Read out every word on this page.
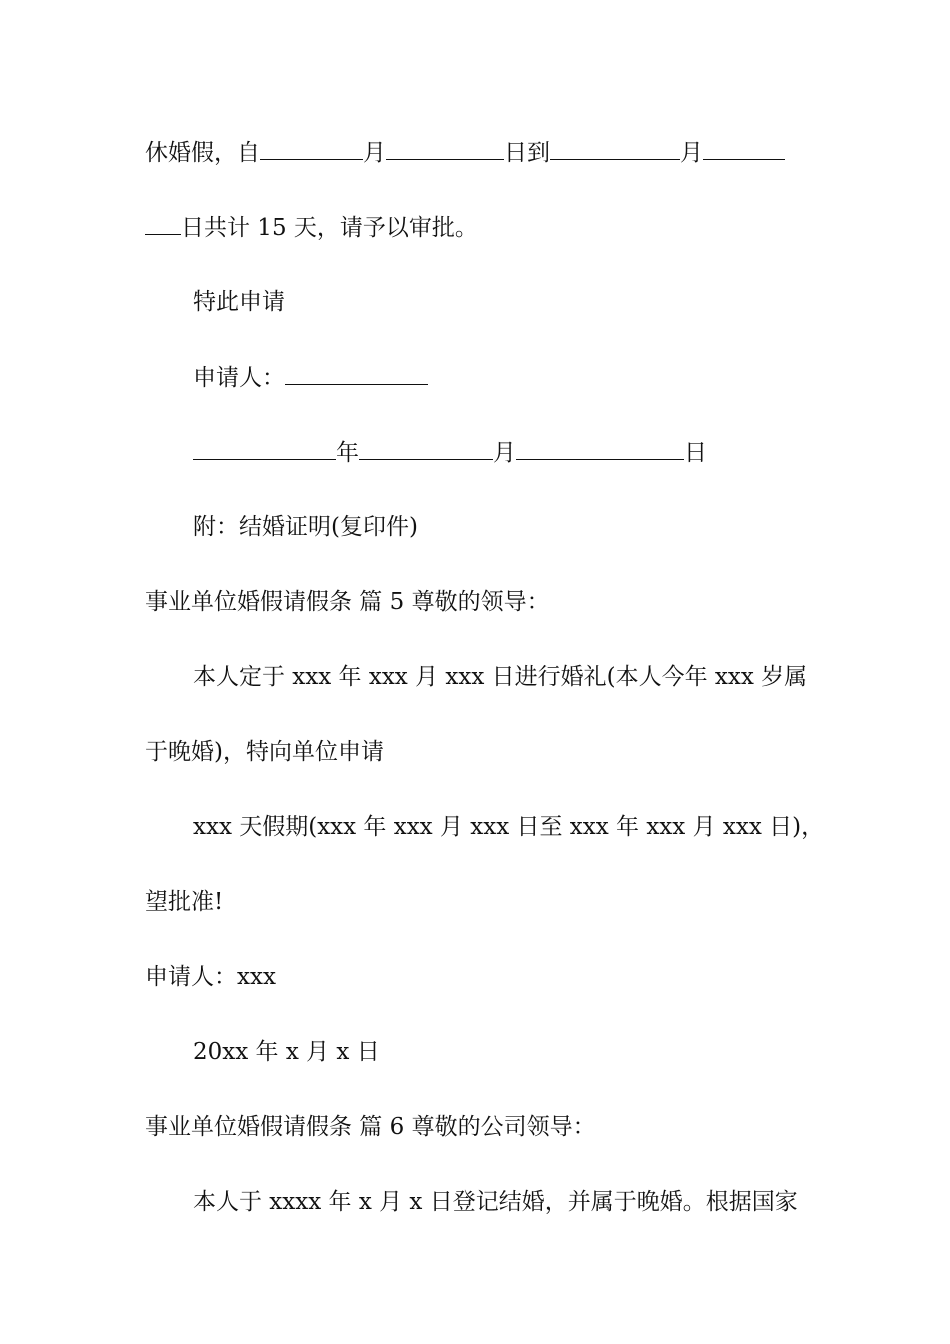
休婚假，自	月	日到	月
日共计 15 天，请予以审批。
特此申请
申请人：
年	月	日
附：结婚证明(复印件)
事业单位婚假请假条 篇 5 尊敬的领导：
本人定于 xxx 年 xxx 月 xxx 日进行婚礼(本人今年 xxx 岁属
于晚婚)，特向单位申请
xxx 天假期(xxx 年 xxx 月 xxx 日至 xxx 年 xxx 月 xxx 日)，
望批准!
申请人：xxx
20xx 年 x 月 x 日
事业单位婚假请假条 篇 6 尊敬的公司领导：
本人于 xxxx 年 x 月 x 日登记结婚，并属于晚婚。根据国家
